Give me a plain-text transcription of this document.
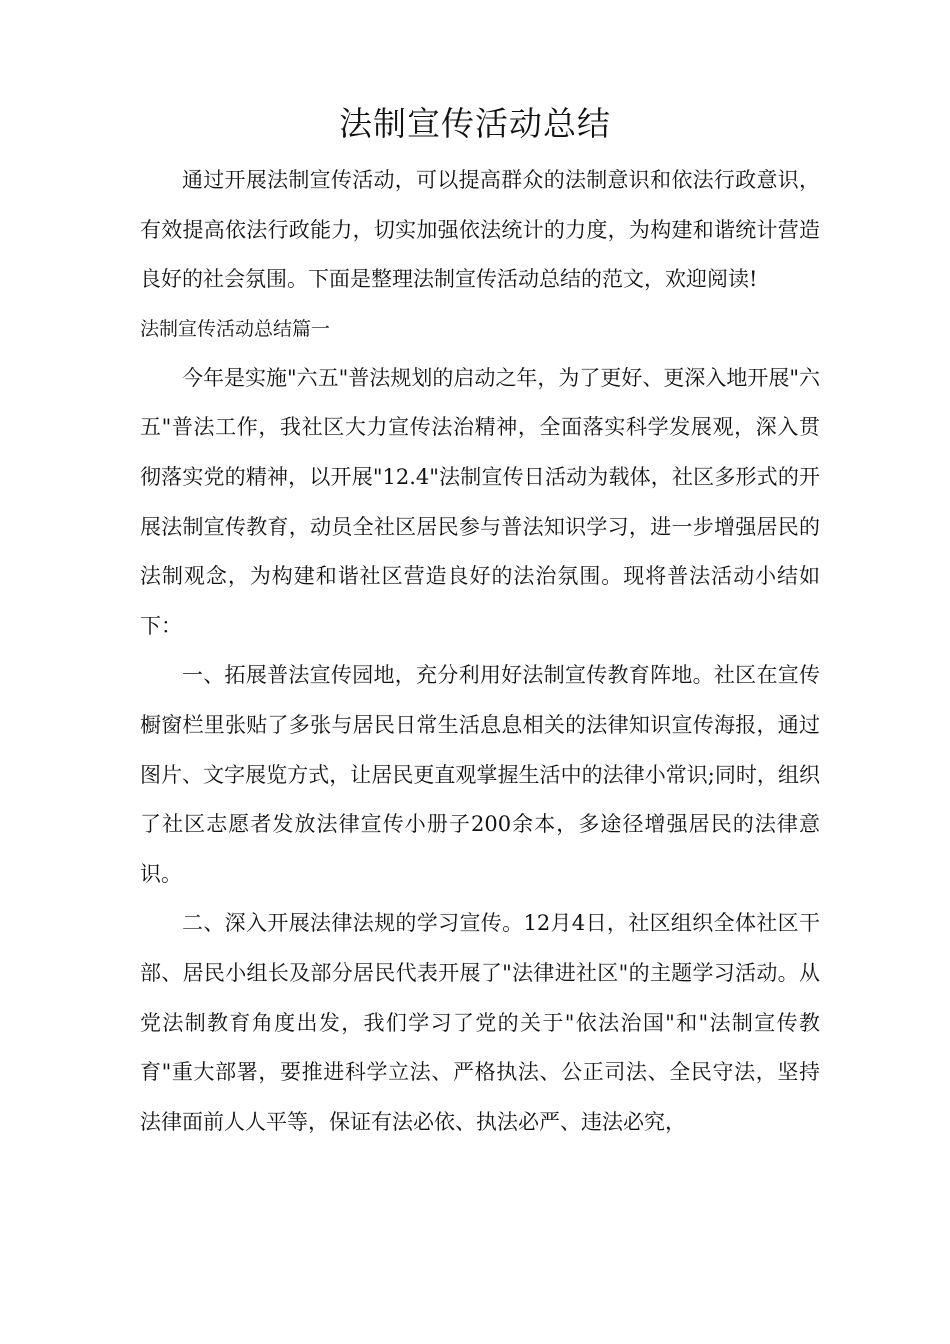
法制宣传活动总结

通过开展法制宣传活动，可以提高群众的法制意识和依法行政意识，有效提高依法行政能力，切实加强依法统计的力度，为构建和谐统计营造良好的社会氛围。下面是整理法制宣传活动总结的范文，欢迎阅读!

法制宣传活动总结篇一

今年是实施"六五"普法规划的启动之年，为了更好、更深入地开展"六五"普法工作，我社区大力宣传法治精神，全面落实科学发展观，深入贯彻落实党的精神，以开展"12.4"法制宣传日活动为载体，社区多形式的开展法制宣传教育，动员全社区居民参与普法知识学习，进一步增强居民的法制观念，为构建和谐社区营造良好的法治氛围。现将普法活动小结如下：

一、拓展普法宣传园地，充分利用好法制宣传教育阵地。社区在宣传橱窗栏里张贴了多张与居民日常生活息息相关的法律知识宣传海报，通过图片、文字展览方式，让居民更直观掌握生活中的法律小常识;同时，组织了社区志愿者发放法律宣传小册子200余本，多途径增强居民的法律意识。

二、深入开展法律法规的学习宣传。12月4日，社区组织全体社区干部、居民小组长及部分居民代表开展了"法律进社区"的主题学习活动。从党法制教育角度出发，我们学习了党的关于"依法治国"和"法制宣传教育"重大部署，要推进科学立法、严格执法、公正司法、全民守法，坚持法律面前人人平等，保证有法必依、执法必严、违法必究，
